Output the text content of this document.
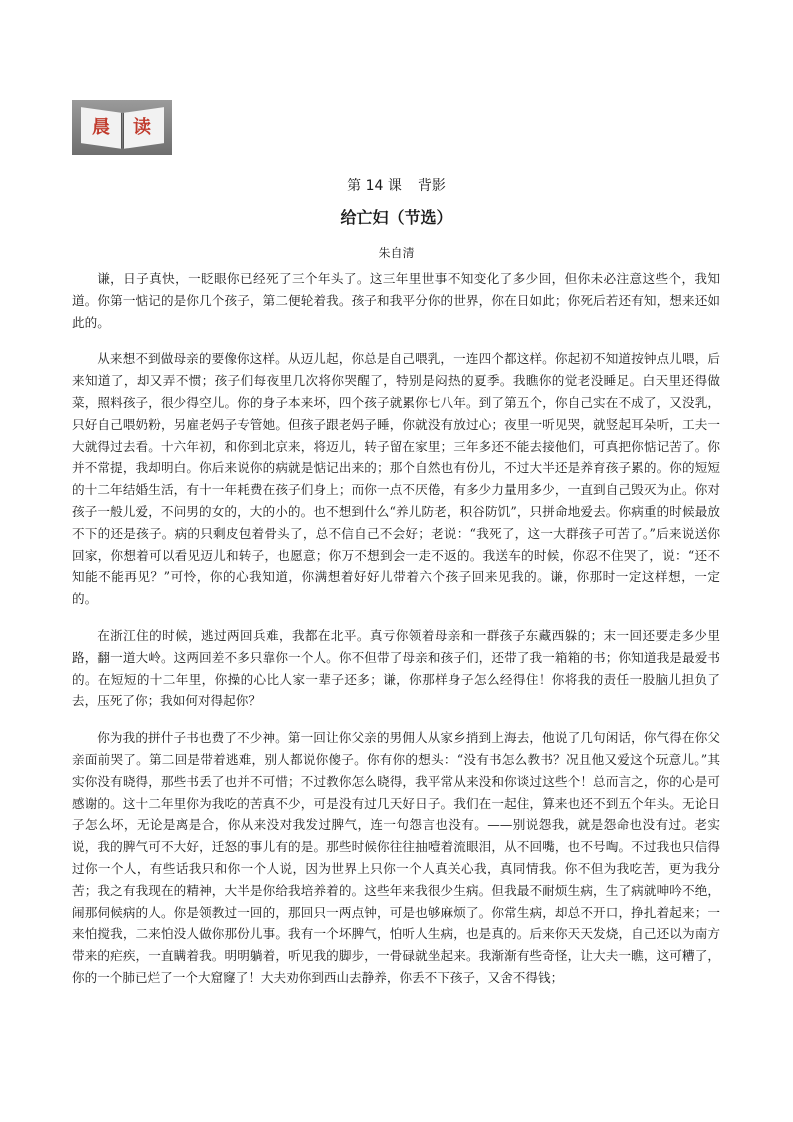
晨	读
第 14 课 背影
给亡妇（节选）
朱自清

谦，日子真快，一眨眼你已经死了三个年头了。这三年里世事不知变化了多少回，但你未必注意这些个，我知道。你第一惦记的是你几个孩子，第二便轮着我。孩子和我平分你的世界，你在日如此；你死后若还有知，想来还如此的。

从来想不到做母亲的要像你这样。从迈儿起，你总是自己喂乳，一连四个都这样。你起初不知道按钟点儿喂，后来知道了，却又弄不惯；孩子们每夜里几次将你哭醒了，特别是闷热的夏季。我瞧你的觉老没睡足。白天里还得做菜，照料孩子，很少得空儿。你的身子本来坏，四个孩子就累你七八年。到了第五个，你自己实在不成了，又没乳，只好自己喂奶粉，另雇老妈子专管她。但孩子跟老妈子睡，你就没有放过心；夜里一听见哭，就竖起耳朵听，工夫一大就得过去看。十六年初，和你到北京来，将迈儿，转子留在家里；三年多还不能去接他们，可真把你惦记苦了。你并不常提，我却明白。你后来说你的病就是惦记出来的；那个自然也有份儿，不过大半还是养育孩子累的。你的短短的十二年结婚生活，有十一年耗费在孩子们身上；而你一点不厌倦，有多少力量用多少，一直到自己毁灭为止。你对孩子一般儿爱，不问男的女的，大的小的。也不想到什么“养儿防老，积谷防饥”，只拼命地爱去。你病重的时候最放不下的还是孩子。病的只剩皮包着骨头了，总不信自己不会好；老说：“我死了，这一大群孩子可苦了。”后来说送你回家，你想着可以看见迈儿和转子，也愿意；你万不想到会一走不返的。我送车的时候，你忍不住哭了，说：“还不知能不能再见？”可怜，你的心我知道，你满想着好好儿带着六个孩子回来见我的。谦，你那时一定这样想，一定的。

在浙江住的时候，逃过两回兵难，我都在北平。真亏你领着母亲和一群孩子东藏西躲的；末一回还要走多少里路，翻一道大岭。这两回差不多只靠你一个人。你不但带了母亲和孩子们，还带了我一箱箱的书；你知道我是最爱书的。在短短的十二年里，你操的心比人家一辈子还多；谦，你那样身子怎么经得住！你将我的责任一股脑儿担负了去，压死了你；我如何对得起你？

你为我的拼什子书也费了不少神。第一回让你父亲的男佣人从家乡捎到上海去，他说了几句闲话，你气得在你父亲面前哭了。第二回是带着逃难，别人都说你傻子。你有你的想头：“没有书怎么教书？况且他又爱这个玩意儿。”其实你没有晓得，那些书丢了也并不可惜；不过教你怎么晓得，我平常从来没和你谈过这些个！总而言之，你的心是可感谢的。这十二年里你为我吃的苦真不少，可是没有过几天好日子。我们在一起住，算来也还不到五个年头。无论日子怎么坏，无论是离是合，你从来没对我发过脾气，连一句怨言也没有。——别说怨我，就是怨命也没有过。老实说，我的脾气可不大好，迁怒的事儿有的是。那些时候你往往抽噎着流眼泪，从不回嘴，也不号啕。不过我也只信得过你一个人，有些话我只和你一个人说，因为世界上只你一个人真关心我，真同情我。你不但为我吃苦，更为我分苦；我之有我现在的精神，大半是你给我培养着的。这些年来我很少生病。但我最不耐烦生病，生了病就呻吟不绝，闹那伺候病的人。你是领教过一回的，那回只一两点钟，可是也够麻烦了。你常生病，却总不开口，挣扎着起来；一来怕搅我，二来怕没人做你那份儿事。我有一个坏脾气，怕听人生病，也是真的。后来你天天发烧，自己还以为南方带来的疟疾，一直瞒着我。明明躺着，听见我的脚步，一骨碌就坐起来。我渐渐有些奇怪，让大夫一瞧，这可糟了，你的一个肺已烂了一个大窟窿了！大夫劝你到西山去静养，你丢不下孩子，又舍不得钱；
